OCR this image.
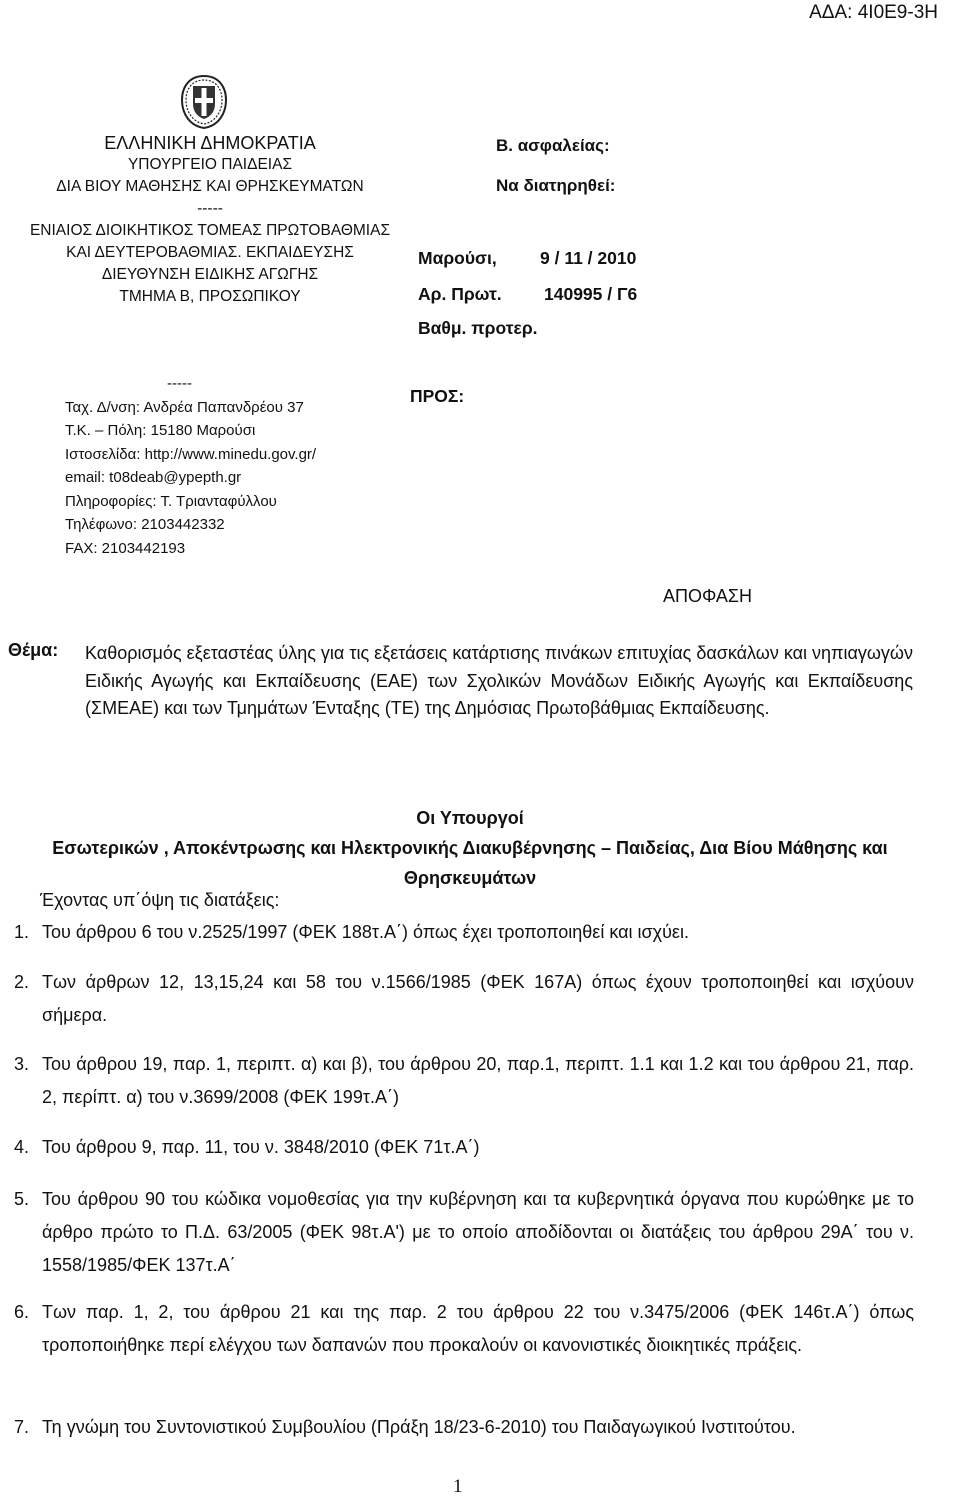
ΑΔΑ: 4Ι0Ε9-3Η
ΕΛΛΗΝΙΚΗ ΔΗΜΟΚΡΑΤΙΑ
ΥΠΟΥΡΓΕΙΟ ΠΑΙΔΕΙΑΣ
ΔΙΑ ΒΙΟΥ ΜΑΘΗΣΗΣ ΚΑΙ ΘΡΗΣΚΕΥΜΑΤΩΝ
-----
ΕΝΙΑΙΟΣ ΔΙΟΙΚΗΤΙΚΟΣ ΤΟΜΕΑΣ ΠΡΩΤΟΒΑΘΜΙΑΣ
ΚΑΙ ΔΕΥΤΕΡΟΒΑΘΜΙΑΣ. ΕΚΠΑΙΔΕΥΣΗΣ
ΔΙΕΥΘΥΝΣΗ ΕΙΔΙΚΗΣ ΑΓΩΓΗΣ
ΤΜΗΜΑ Β, ΠΡΟΣΩΠΙΚΟΥ
-----
Ταχ. Δ/νση: Ανδρέα Παπανδρέου 37
Τ.Κ. – Πόλη: 15180 Μαρούσι
Ιστοσελίδα: http://www.minedu.gov.gr/
email: t08deab@ypepth.gr
Πληροφορίες: Τ. Τριανταφύλλου
Τηλέφωνο: 2103442332
FAX: 2103442193
Β. ασφαλείας:
Να διατηρηθεί:
Μαρούσι, 9 / 11 / 2010
Αρ. Πρωτ. 140995 / Γ6
Βαθμ. προτερ.
ΠΡΟΣ:
ΑΠΟΦΑΣΗ
Θέμα: Καθορισμός εξεταστέας ύλης για τις εξετάσεις κατάρτισης πινάκων επιτυχίας δασκάλων και νηπιαγωγών Ειδικής Αγωγής και Εκπαίδευσης (ΕΑΕ) των Σχολικών Μονάδων Ειδικής Αγωγής και Εκπαίδευσης (ΣΜΕΑΕ) και των Τμημάτων Ένταξης (ΤΕ) της Δημόσιας Πρωτοβάθμιας Εκπαίδευσης.
Οι Υπουργοί
Εσωτερικών , Αποκέντρωσης και Ηλεκτρονικής Διακυβέρνησης – Παιδείας, Δια Βίου Μάθησης και Θρησκευμάτων
Έχοντας υπ΄όψη τις διατάξεις:
1. Του άρθρου 6 του ν.2525/1997 (ΦΕΚ 188τ.Α΄) όπως έχει τροποποιηθεί και ισχύει.
2. Των άρθρων 12, 13,15,24 και 58 του ν.1566/1985 (ΦΕΚ 167Α) όπως έχουν τροποποιηθεί και ισχύουν σήμερα.
3. Του άρθρου 19, παρ. 1, περιπτ. α) και β), του άρθρου 20, παρ.1, περιπτ. 1.1 και 1.2 και του άρθρου 21, παρ. 2, περίπτ. α) του ν.3699/2008 (ΦΕΚ 199τ.Α΄)
4. Του άρθρου 9, παρ. 11, του ν. 3848/2010 (ΦΕΚ 71τ.Α΄)
5. Του άρθρου 90 του κώδικα νομοθεσίας για την κυβέρνηση και τα κυβερνητικά όργανα που κυρώθηκε με το άρθρο πρώτο το Π.Δ. 63/2005 (ΦΕΚ 98τ.Α') με το οποίο αποδίδονται οι διατάξεις του άρθρου 29Α΄ του ν. 1558/1985/ΦΕΚ 137τ.Α΄
6. Των παρ. 1, 2, του άρθρου 21 και της παρ. 2 του άρθρου 22 του ν.3475/2006 (ΦΕΚ 146τ.Α΄) όπως τροποποιήθηκε περί ελέγχου των δαπανών που προκαλούν οι κανονιστικές διοικητικές πράξεις.
7. Τη γνώμη του Συντονιστικού Συμβουλίου (Πράξη 18/23-6-2010) του Παιδαγωγικού Ινστιτούτου.
1
